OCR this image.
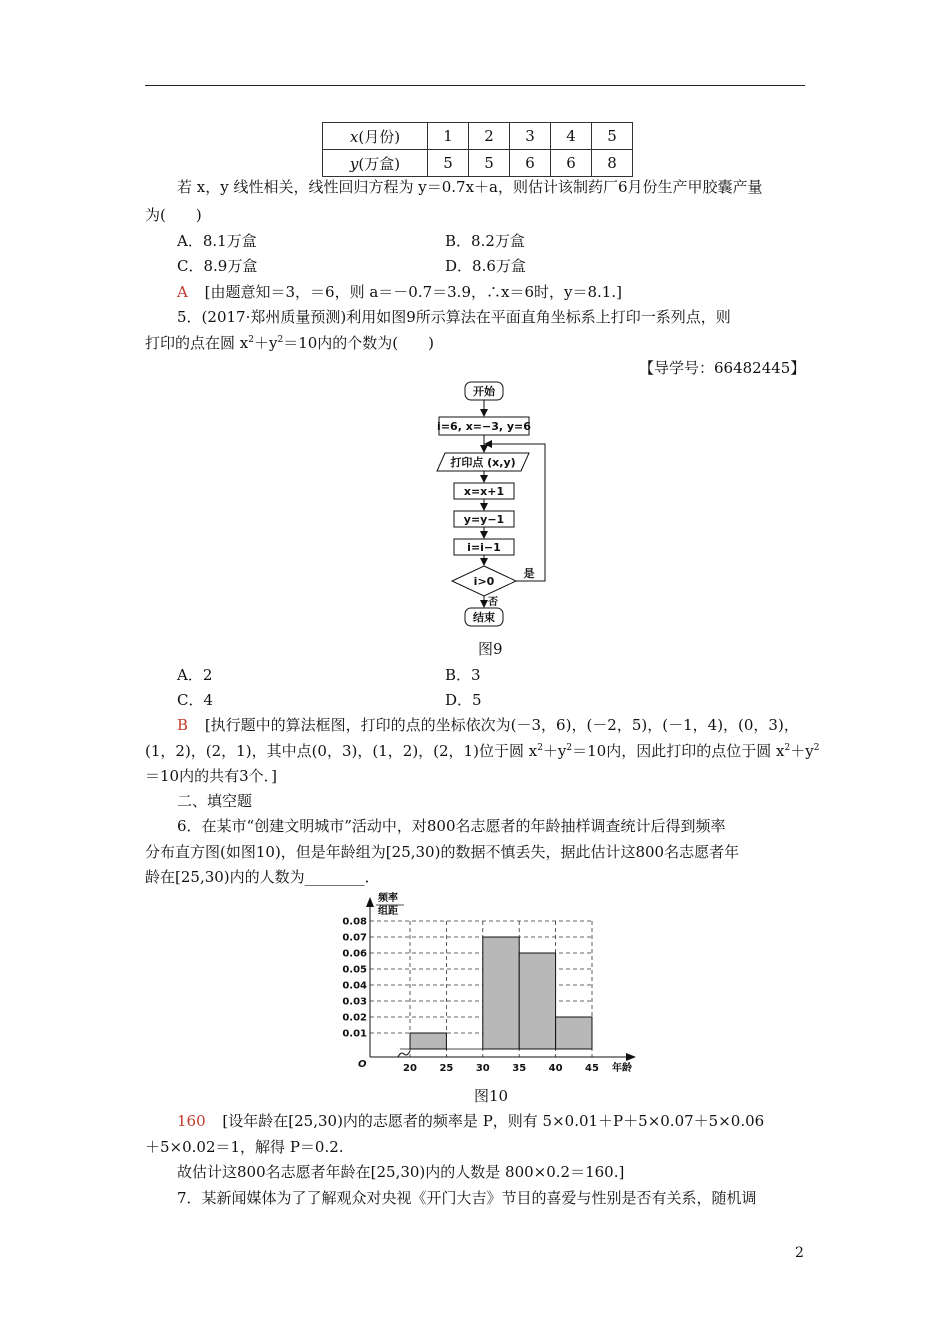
x(月份)	1	2	3	4	5
y(万盒)	5	5	6	6	8
若 x，y 线性相关，线性回归方程为 y＝0.7x＋a，则估计该制药厂6月份生产甲胶囊产量
为(　　)
A．8.1万盒	B．8.2万盒
C．8.9万盒	D．8.6万盒
A [由题意知＝3，＝6，则 a＝－0.7＝3.9，∴x＝6时，y＝8.1.]
5．(2017·郑州质量预测)利用如图9所示算法在平面直角坐标系上打印一系列点，则
打印的点在圆 $x^2+y^2=10$内的个数为(　　)
【导学号：66482445】
开始
i=6, x=−3, y=6
打印点 (x,y)
x=x+1
y=y−1
i=i−1
i>0
是
否
结束
图9
A．2	B．3
C．4	D．5
B [执行题中的算法框图，打印的点的坐标依次为(－3，6)，(－2，5)，(－1，4)，(0，3)，
(1，2)，(2，1)，其中点(0，3)，(1，2)，(2，1)位于圆 $x^2+y^2=10$内，因此打印的点位于圆 $x^2+y^2$
＝10内的共有3个．]
二、填空题
6．在某市“创建文明城市”活动中，对800名志愿者的年龄抽样调查统计后得到频率
分布直方图(如图10)，但是年龄组为[25,30)的数据不慎丢失，据此估计这800名志愿者年
龄在[25,30)内的人数为________．
0.01
0.02
0.03
0.04
0.05
0.06
0.07
0.08
20 25 30 35 40 45
频率
组距
年龄
O
图10
160 [设年龄在[25,30)内的志愿者的频率是 P，则有 5×0.01＋P＋5×0.07＋5×0.06
＋5×0.02＝1，解得 P＝0.2.
故估计这800名志愿者年龄在[25,30)内的人数是 800×0.2＝160.]
7．某新闻媒体为了了解观众对央视《开门大吉》节目的喜爱与性别是否有关系，随机调
2
